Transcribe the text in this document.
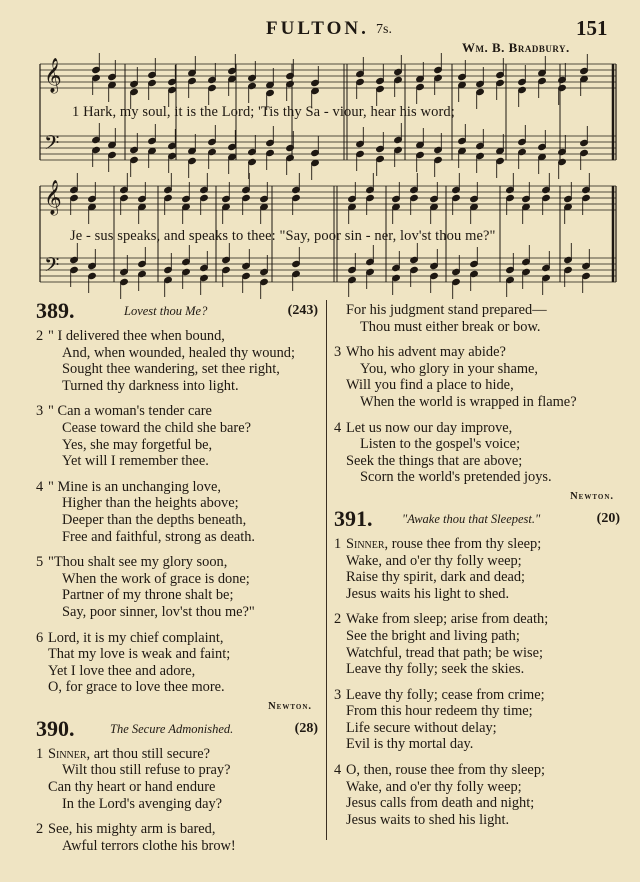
FULTON. 7s.	151
Wm. B. Bradbury.
𝄞
𝄢
𝄞
𝄢
1 Hark, my soul, it is the Lord; 'Tis thy Sa - viour, hear his word;
Je - sus speaks, and speaks to thee: "Say, poor sin - ner, lov'st thou me?"
389.	Lovest thou Me?	(243)
2 " I delivered thee when bound,
And, when wounded, healed thy wound;
Sought thee wandering, set thee right,
Turned thy darkness into light.
3 " Can a woman's tender care
Cease toward the child she bare?
Yes, she may forgetful be,
Yet will I remember thee.
4 " Mine is an unchanging love,
Higher than the heights above;
Deeper than the depths beneath,
Free and faithful, strong as death.
5 "Thou shalt see my glory soon,
When the work of grace is done;
Partner of my throne shalt be;
Say, poor sinner, lov'st thou me?"
6 Lord, it is my chief complaint,
That my love is weak and faint;
Yet I love thee and adore,
O, for grace to love thee more.
Newton.
390.	The Secure Admonished.	(28)
1 Sinner, art thou still secure?
Wilt thou still refuse to pray?
Can thy heart or hand endure
In the Lord's avenging day?
2 See, his mighty arm is bared,
Awful terrors clothe his brow!
For his judgment stand prepared—
Thou must either break or bow.
3 Who his advent may abide?
You, who glory in your shame,
Will you find a place to hide,
When the world is wrapped in flame?
4 Let us now our day improve,
Listen to the gospel's voice;
Seek the things that are above;
Scorn the world's pretended joys.
Newton.
391. "Awake thou that Sleepest."	(20)
1 Sinner, rouse thee from thy sleep;
Wake, and o'er thy folly weep;
Raise thy spirit, dark and dead;
Jesus waits his light to shed.
2 Wake from sleep; arise from death;
See the bright and living path;
Watchful, tread that path; be wise;
Leave thy folly; seek the skies.
3 Leave thy folly; cease from crime;
From this hour redeem thy time;
Life secure without delay;
Evil is thy mortal day.
4 O, then, rouse thee from thy sleep;
Wake, and o'er thy folly weep;
Jesus calls from death and night;
Jesus waits to shed his light.
